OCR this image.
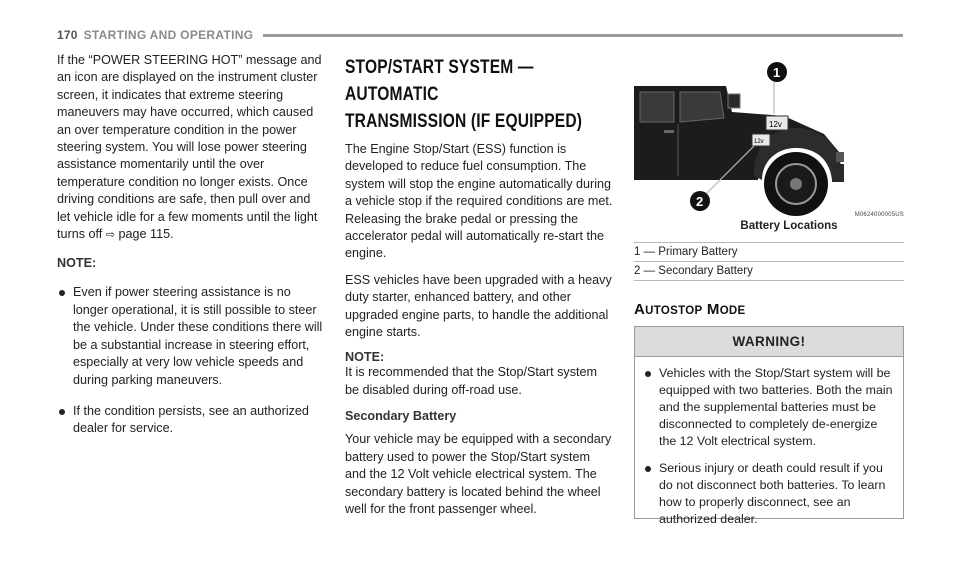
170 STARTING AND OPERATING

If the “POWER STEERING HOT” message and an icon are displayed on the instrument cluster screen, it indicates that extreme steering maneuvers may have occurred, which caused an over temperature condition in the power steering system. You will lose power steering assistance momentarily until the over temperature condition no longer exists. Once driving conditions are safe, then pull over and let vehicle idle for a few moments until the light turns off ⇨ page 115.

NOTE:
Even if power steering assistance is no longer operational, it is still possible to steer the vehicle. Under these conditions there will be a substantial increase in steering effort, especially at very low vehicle speeds and during parking maneuvers.
If the condition persists, see an authorized dealer for service.
STOP/START SYSTEM — AUTOMATIC
TRANSMISSION (IF EQUIPPED)

The Engine Stop/Start (ESS) function is developed to reduce fuel consumption. The system will stop the engine automatically during a vehicle stop if the required conditions are met. Releasing the brake pedal or pressing the accelerator pedal will automatically re-start the engine.

ESS vehicles have been upgraded with a heavy duty starter, enhanced battery, and other upgraded engine parts, to handle the additional engine starts.

NOTE:

It is recommended that the Stop/Start system be disabled during off-road use.

Secondary Battery

Your vehicle may be equipped with a secondary battery used to power the Stop/Start system and the 12 Volt vehicle electrical system. The secondary battery is located behind the wheel well for the front passenger wheel.

12v
12v
1
2
M0624000005US
Battery Locations
1 — Primary Battery
2 — Secondary Battery
AUTOSTOP MODE
WARNING!
Vehicles with the Stop/Start system will be equipped with two batteries. Both the main and the supplemental batteries must be disconnected to completely de-energize the 12 Volt electrical system.
Serious injury or death could result if you do not disconnect both batteries. To learn how to properly disconnect, see an authorized dealer.
